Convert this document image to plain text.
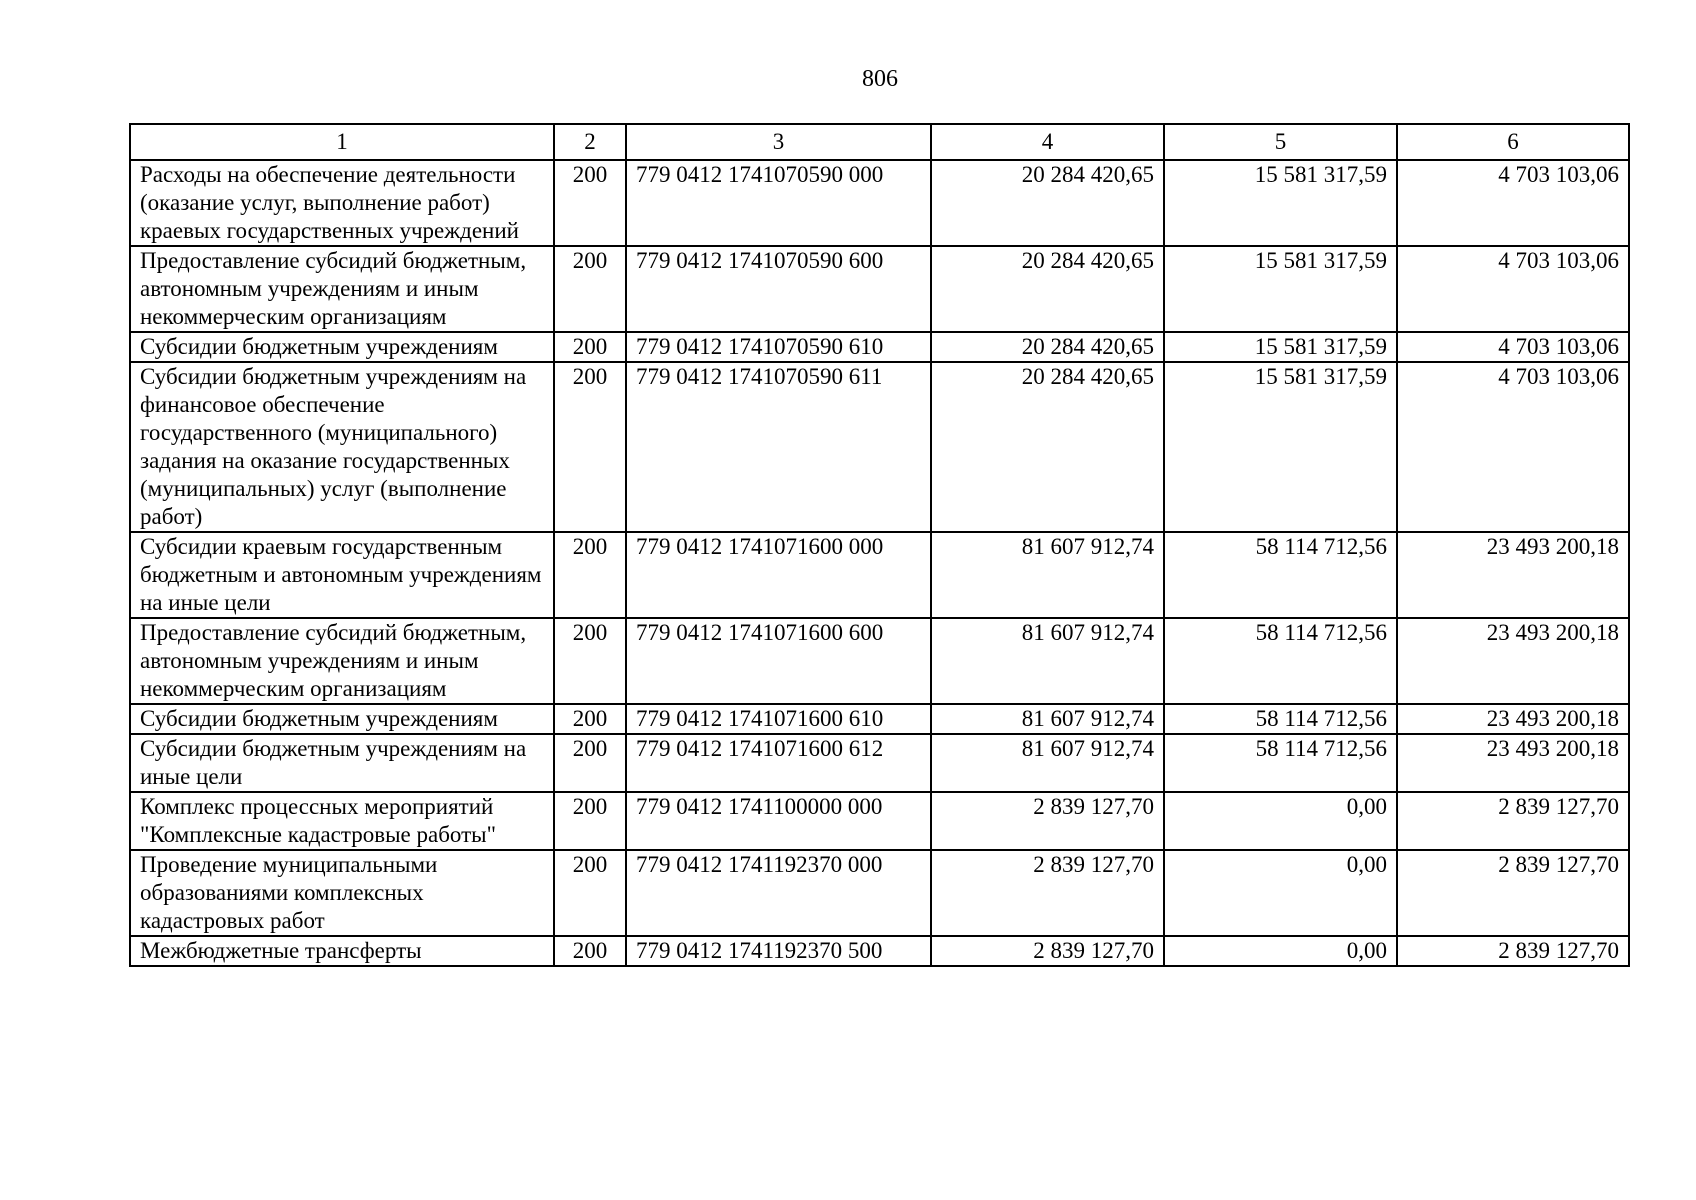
806
1	2	3	4	5	6
Расходы на обеспечение деятельности (оказание услуг, выполнение работ) краевых государственных учреждений	200	779 0412 1741070590 000	20 284 420,65	15 581 317,59	4 703 103,06
Предоставление субсидий бюджетным, автономным учреждениям и иным некоммерческим организациям	200	779 0412 1741070590 600	20 284 420,65	15 581 317,59	4 703 103,06
Субсидии бюджетным учреждениям	200	779 0412 1741070590 610	20 284 420,65	15 581 317,59	4 703 103,06
Субсидии бюджетным учреждениям на финансовое обеспечение государственного (муниципального) задания на оказание государственных (муниципальных) услуг (выполнение работ)	200	779 0412 1741070590 611	20 284 420,65	15 581 317,59	4 703 103,06
Субсидии краевым государственным бюджетным и автономным учреждениям на иные цели	200	779 0412 1741071600 000	81 607 912,74	58 114 712,56	23 493 200,18
Предоставление субсидий бюджетным, автономным учреждениям и иным некоммерческим организациям	200	779 0412 1741071600 600	81 607 912,74	58 114 712,56	23 493 200,18
Субсидии бюджетным учреждениям	200	779 0412 1741071600 610	81 607 912,74	58 114 712,56	23 493 200,18
Субсидии бюджетным учреждениям на иные цели	200	779 0412 1741071600 612	81 607 912,74	58 114 712,56	23 493 200,18
Комплекс процессных мероприятий "Комплексные кадастровые работы"	200	779 0412 1741100000 000	2 839 127,70	0,00	2 839 127,70
Проведение муниципальными образованиями комплексных кадастровых работ	200	779 0412 1741192370 000	2 839 127,70	0,00	2 839 127,70
Межбюджетные трансферты	200	779 0412 1741192370 500	2 839 127,70	0,00	2 839 127,70
